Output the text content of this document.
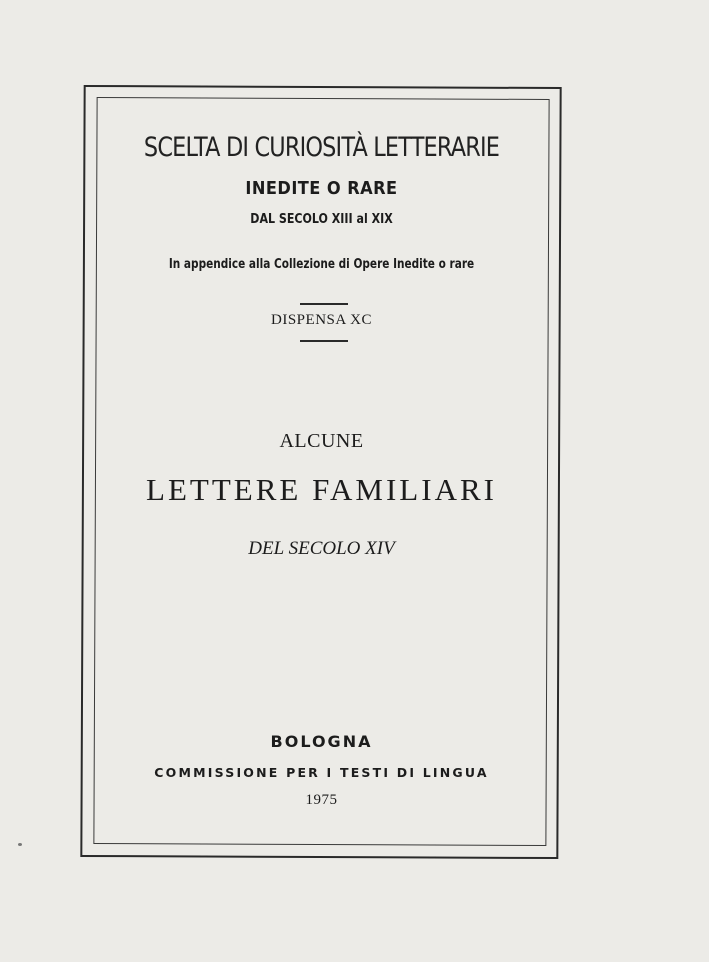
SCELTA DI CURIOSITÀ LETTERARIE

INEDITE O RARE

DAL SECOLO XIII al XIX

In appendice alla Collezione di Opere Inedite o rare

DISPENSA XC

ALCUNE

LETTERE FAMILIARI

DEL SECOLO XIV

BOLOGNA

COMMISSIONE PER I TESTI DI LINGUA

1975
